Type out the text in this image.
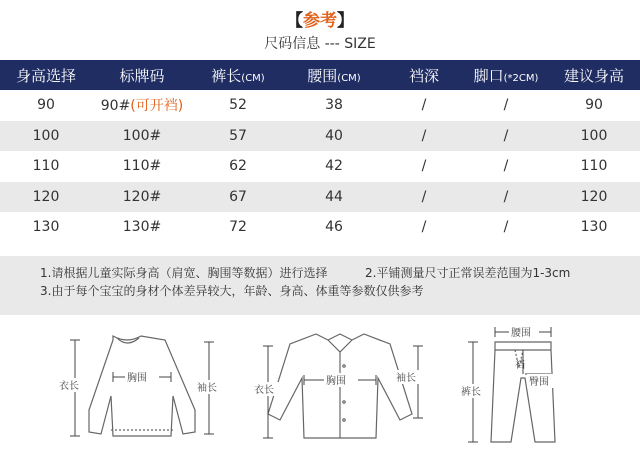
【参考】
尺码信息 --- SIZE
身高选择	标牌码	裤长(CM)	腰围(CM)	裆深	脚口(*2CM)	建议身高
90	90#(可开裆)	52	38	/	/	90
100	100#	57	40	/	/	100
110	110#	62	42	/	/	110
120	120#	67	44	/	/	120
130	130#	72	46	/	/	130
1.请根据儿童实际身高（肩宽、胸围等数据）进行选择	2.平铺测量尺寸正常误差范围为1-3cm
3.由于每个宝宝的身材个体差异较大，年龄、身高、体重等参数仅供参考
衣长
胸围
袖长	衣长
胸围	袖长
腰围
裆
臀围
裤长
